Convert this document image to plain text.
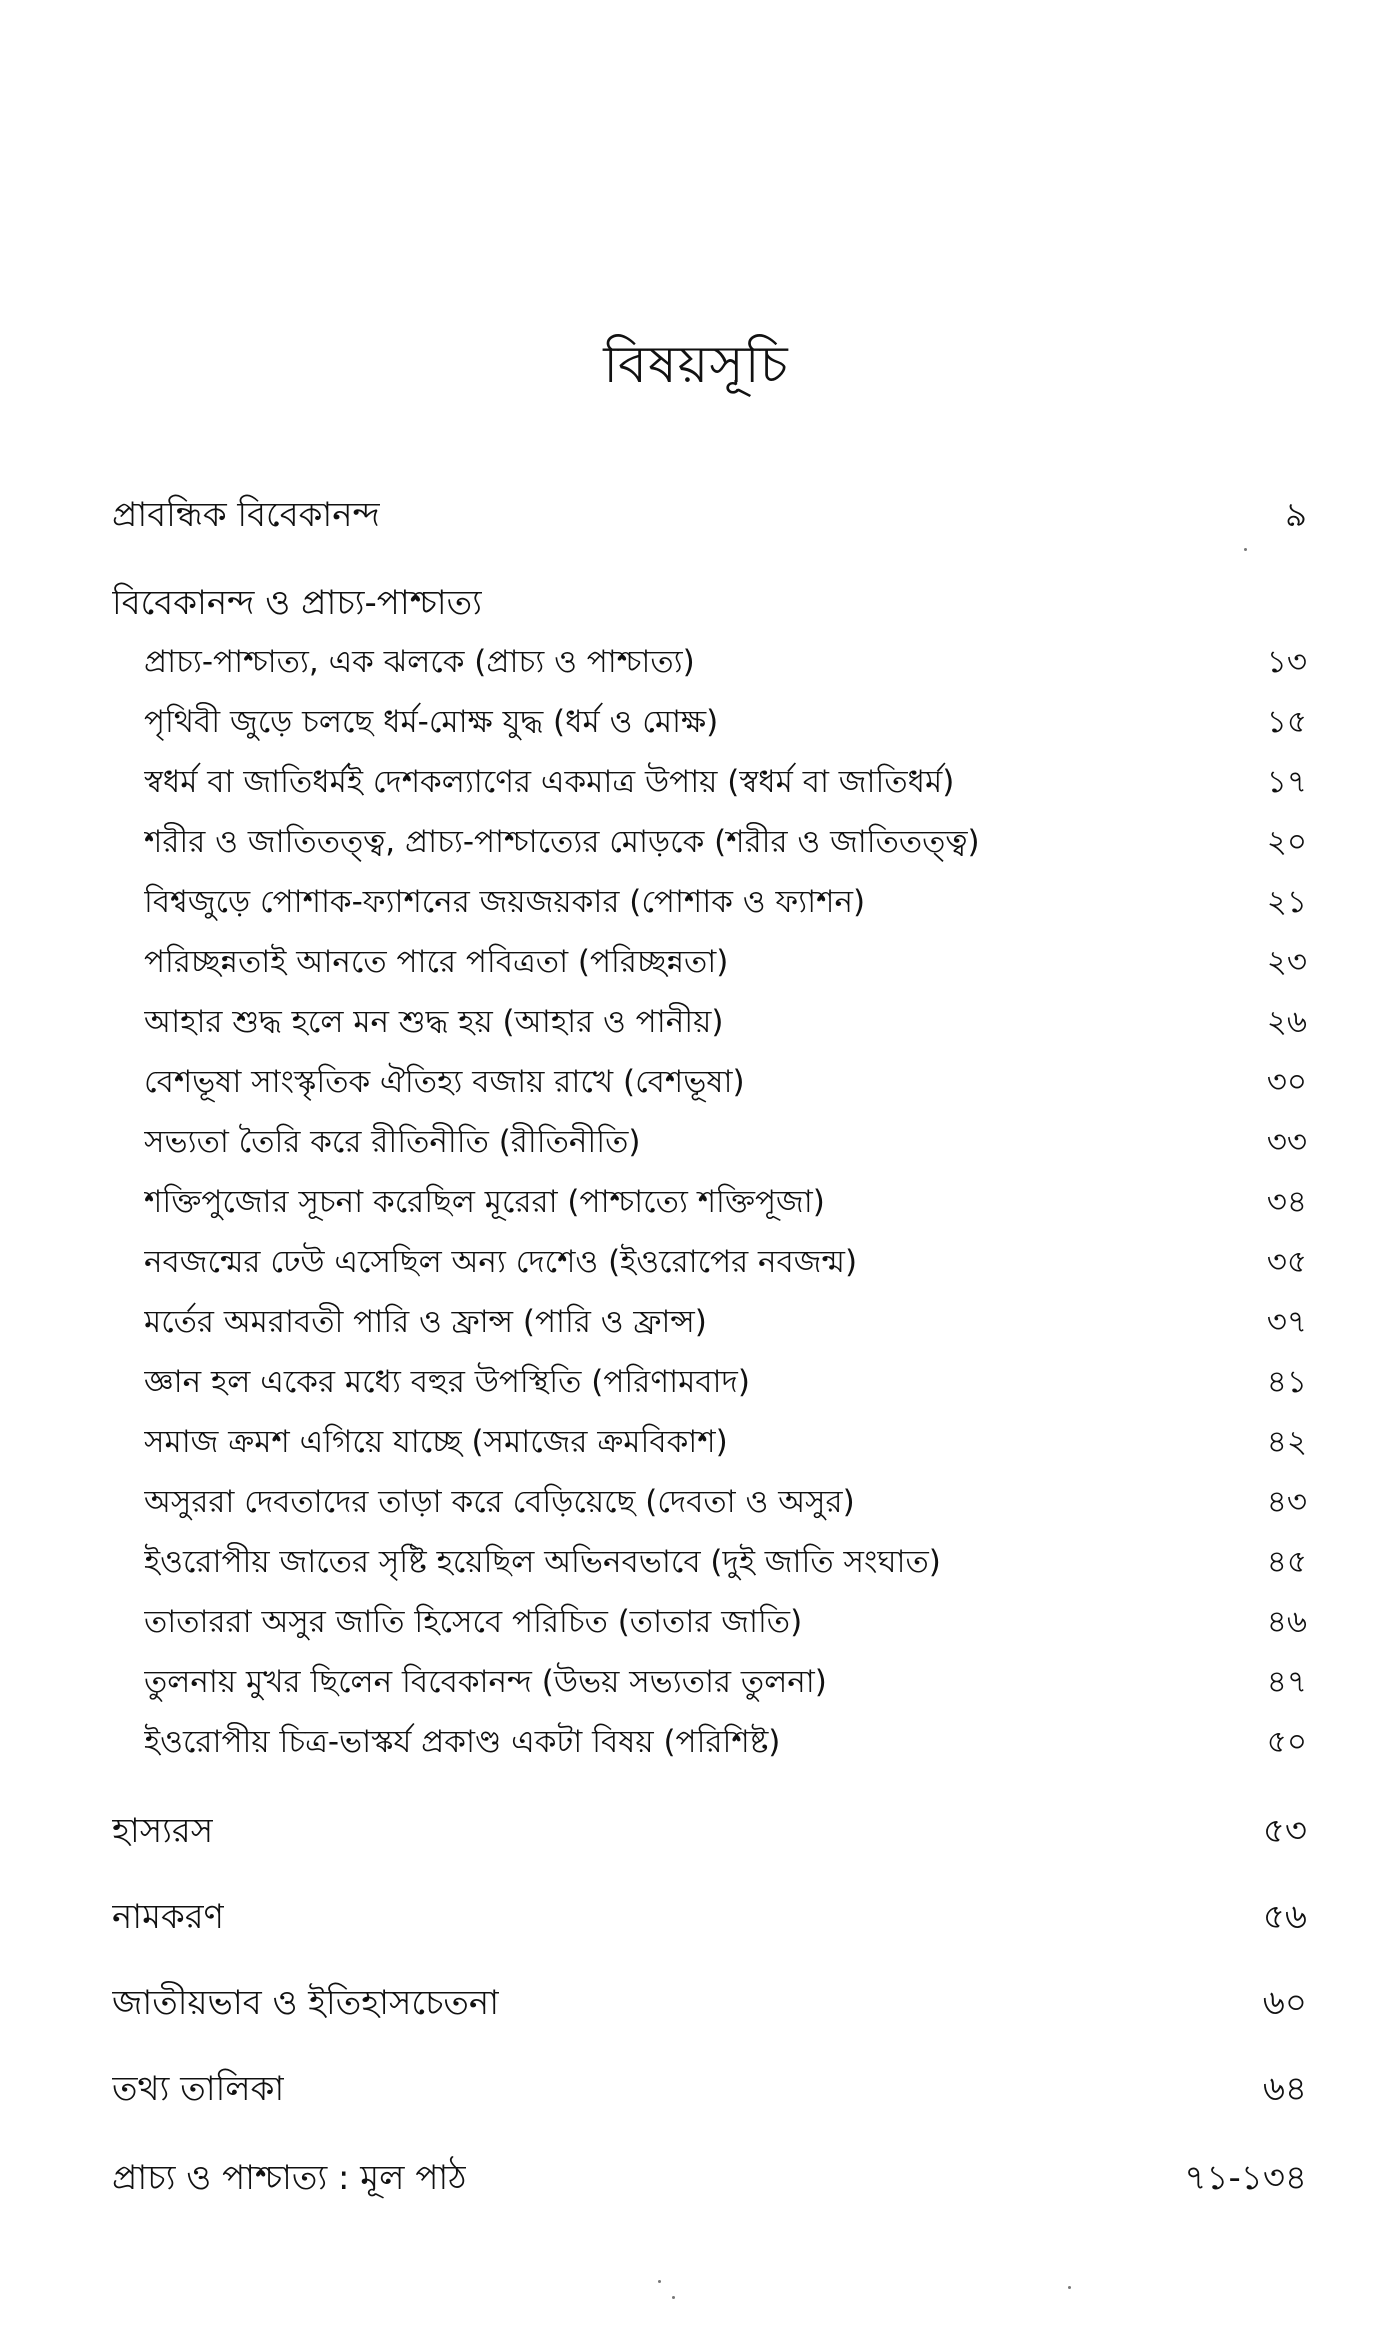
বিষয়সূচি
প্রাবন্ধিক বিবেকানন্দ	৯
বিবেকানন্দ ও প্রাচ্য-পাশ্চাত্য
প্রাচ্য-পাশ্চাত্য, এক ঝলকে (প্রাচ্য ও পাশ্চাত্য)	১৩
পৃথিবী জুড়ে চলছে ধর্ম-মোক্ষ যুদ্ধ (ধর্ম ও মোক্ষ)	১৫
স্বধর্ম বা জাতিধর্মই দেশকল্যাণের একমাত্র উপায় (স্বধর্ম বা জাতিধর্ম)	১৭
শরীর ও জাতিতত্ত্ব, প্রাচ্য-পাশ্চাত্যের মোড়কে (শরীর ও জাতিতত্ত্ব)	২০
বিশ্বজুড়ে পোশাক-ফ্যাশনের জয়জয়কার (পোশাক ও ফ্যাশন)	২১
পরিচ্ছন্নতাই আনতে পারে পবিত্রতা (পরিচ্ছন্নতা)	২৩
আহার শুদ্ধ হলে মন শুদ্ধ হয় (আহার ও পানীয়)	২৬
বেশভূষা সাংস্কৃতিক ঐতিহ্য বজায় রাখে (বেশভূষা)	৩০
সভ্যতা তৈরি করে রীতিনীতি (রীতিনীতি)	৩৩
শক্তিপুজোর সূচনা করেছিল মূরেরা (পাশ্চাত্যে শক্তিপূজা)	৩৪
নবজন্মের ঢেউ এসেছিল অন্য দেশেও (ইওরোপের নবজন্ম)	৩৫
মর্তের অমরাবতী পারি ও ফ্রান্স (পারি ও ফ্রান্স)	৩৭
জ্ঞান হল একের মধ্যে বহুর উপস্থিতি (পরিণামবাদ)	৪১
সমাজ ক্রমশ এগিয়ে যাচ্ছে (সমাজের ক্রমবিকাশ)	৪২
অসুররা দেবতাদের তাড়া করে বেড়িয়েছে (দেবতা ও অসুর)	৪৩
ইওরোপীয় জাতের সৃষ্টি হয়েছিল অভিনবভাবে (দুই জাতি সংঘাত)	৪৫
তাতাররা অসুর জাতি হিসেবে পরিচিত (তাতার জাতি)	৪৬
তুলনায় মুখর ছিলেন বিবেকানন্দ (উভয় সভ্যতার তুলনা)	৪৭
ইওরোপীয় চিত্র-ভাস্কর্য প্রকাণ্ড একটা বিষয় (পরিশিষ্ট)	৫০
হাস্যরস	৫৩
নামকরণ	৫৬
জাতীয়ভাব ও ইতিহাসচেতনা	৬০
তথ্য তালিকা	৬৪
প্রাচ্য ও পাশ্চাত্য : মূল পাঠ	৭১-১৩৪
